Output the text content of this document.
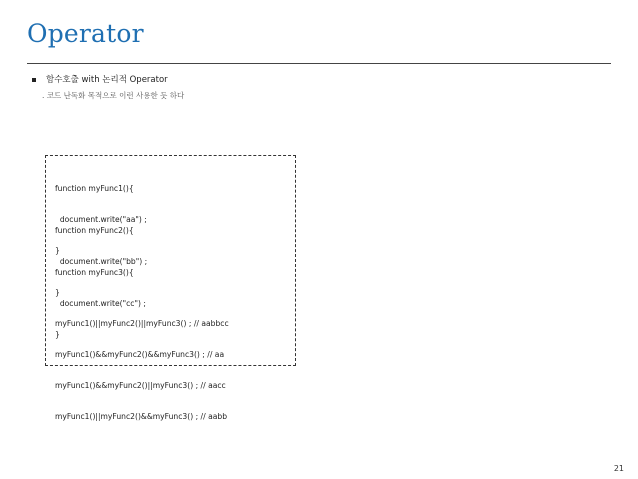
Operator
함수호출 with 논리적 Operator
. 코드 난독화 목적으로 이런 사용한 듯 하다

function myFunc1(){

document.write("aa") ;

}

function myFunc2(){

document.write("bb") ;

}

function myFunc3(){

document.write("cc") ;

}

myFunc1()||myFunc2()||myFunc3() ; // aabbcc

myFunc1()&&myFunc2()&&myFunc3() ; // aa

myFunc1()&&myFunc2()||myFunc3() ; // aacc

myFunc1()||myFunc2()&&myFunc3() ; // aabb

21
